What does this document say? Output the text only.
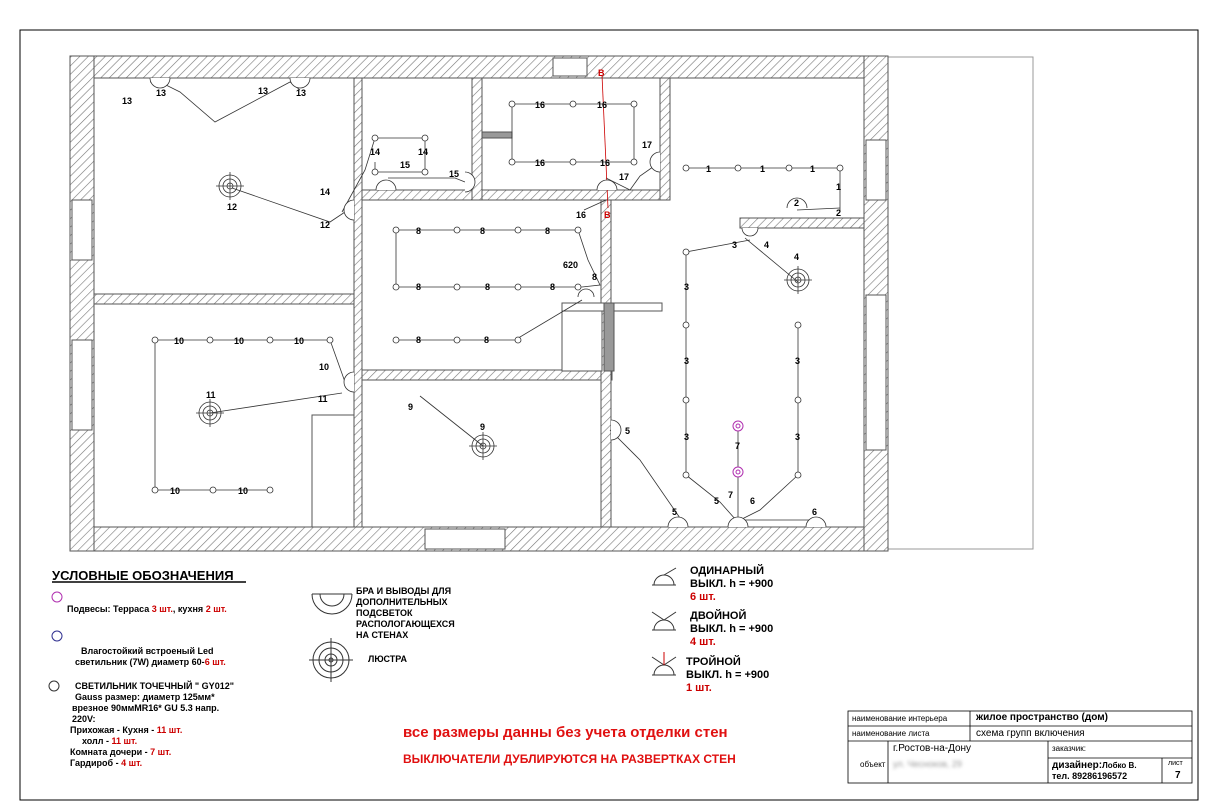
13
13	13	13
12
12
14	14
14
15
15
16	16
16	16
16
17
17
В
В
8	8	8
8	8	8
8
8	8
620
1	1	1
1
2
2
3	4
4
3
3
3
3
3
7
7
5
5
5	6
6
10	10	10
10
10	10
11	11
9
9
УСЛОВНЫЕ ОБОЗНАЧЕНИЯ
Подвесы: Терраса 3 шт., кухня 2 шт.
Влагостойкий встроеный Led
светильник (7W) диаметр 60-6 шт.
СВЕТИЛЬНИК ТОЧЕЧНЫЙ " GY012"
Gauss размер: диаметр 125мм*
врезное 90ммMR16* GU 5.3 напр.
220V:
Прихожая - Кухня - 11 шт.
холл - 11 шт.
Комната дочери - 7 шт.
Гардироб - 4 шт.
БРА И ВЫВОДЫ ДЛЯ
ДОПОЛНИТЕЛЬНЫХ
ПОДСВЕТОК
РАСПОЛОГАЮЩЕХСЯ
НА СТЕНАХ
ЛЮСТРА
ОДИНАРНЫЙ
ВЫКЛ. h = +900
6 шт.
ДВОЙНОЙ
ВЫКЛ. h = +900
4 шт.
ТРОЙНОЙ
ВЫКЛ. h = +900
1 шт.
все размеры данны без учета отделки стен
ВЫКЛЮЧАТЕЛИ ДУБЛИРУЮТСЯ НА РАЗВЕРТКАХ СТЕН
наименование интерьера	жилое пространство (дом)
наименование листа	схема групп включения
объект
г.Ростов-на-Дону
ул. Чесноков, 29
заказчик:
дизайнер:Лобко В.
тел. 89286196572
лист
7
